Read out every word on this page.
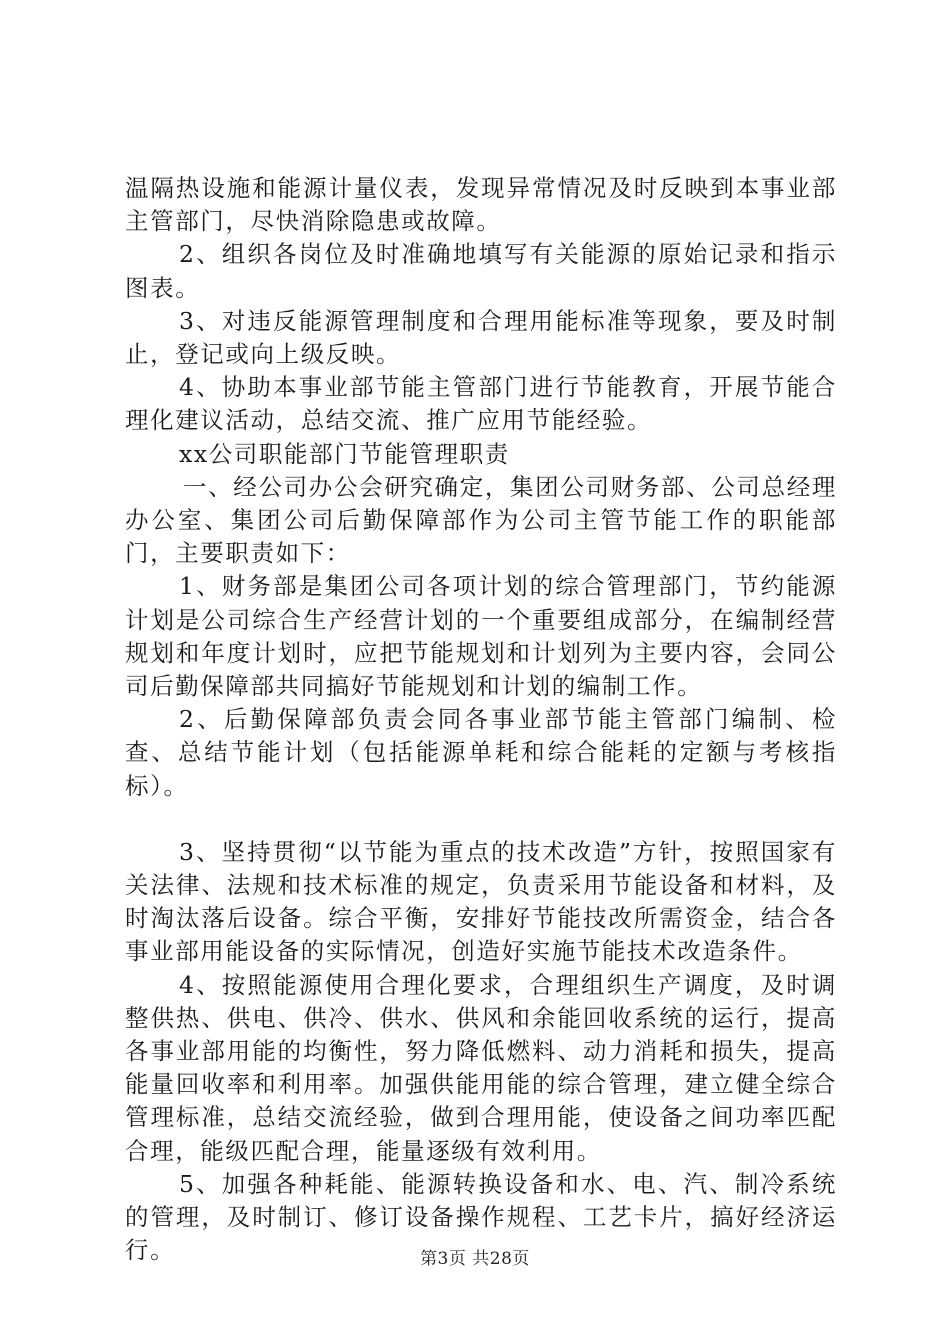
温隔热设施和能源计量仪表，发现异常情况及时反映到本事业部主管部门，尽快消除隐患或故障。

2、组织各岗位及时准确地填写有关能源的原始记录和指示图表。

3、对违反能源管理制度和合理用能标准等现象，要及时制止，登记或向上级反映。

4、协助本事业部节能主管部门进行节能教育，开展节能合理化建议活动，总结交流、推广应用节能经验。

xx公司职能部门节能管理职责

一、经公司办公会研究确定，集团公司财务部、公司总经理办公室、集团公司后勤保障部作为公司主管节能工作的职能部门，主要职责如下：

1、财务部是集团公司各项计划的综合管理部门，节约能源计划是公司综合生产经营计划的一个重要组成部分，在编制经营规划和年度计划时，应把节能规划和计划列为主要内容，会同公司后勤保障部共同搞好节能规划和计划的编制工作。

2、后勤保障部负责会同各事业部节能主管部门编制、检查、总结节能计划（包括能源单耗和综合能耗的定额与考核指标）。

3、坚持贯彻“以节能为重点的技术改造”方针，按照国家有关法律、法规和技术标准的规定，负责采用节能设备和材料，及时淘汰落后设备。综合平衡，安排好节能技改所需资金，结合各事业部用能设备的实际情况，创造好实施节能技术改造条件。

4、按照能源使用合理化要求，合理组织生产调度，及时调整供热、供电、供冷、供水、供风和余能回收系统的运行，提高各事业部用能的均衡性，努力降低燃料、动力消耗和损失，提高能量回收率和利用率。加强供能用能的综合管理，建立健全综合管理标准，总结交流经验，做到合理用能，使设备之间功率匹配合理，能级匹配合理，能量逐级有效利用。

5、加强各种耗能、能源转换设备和水、电、汽、制冷系统的管理，及时制订、修订设备操作规程、工艺卡片，搞好经济运行。	第3页 共28页
